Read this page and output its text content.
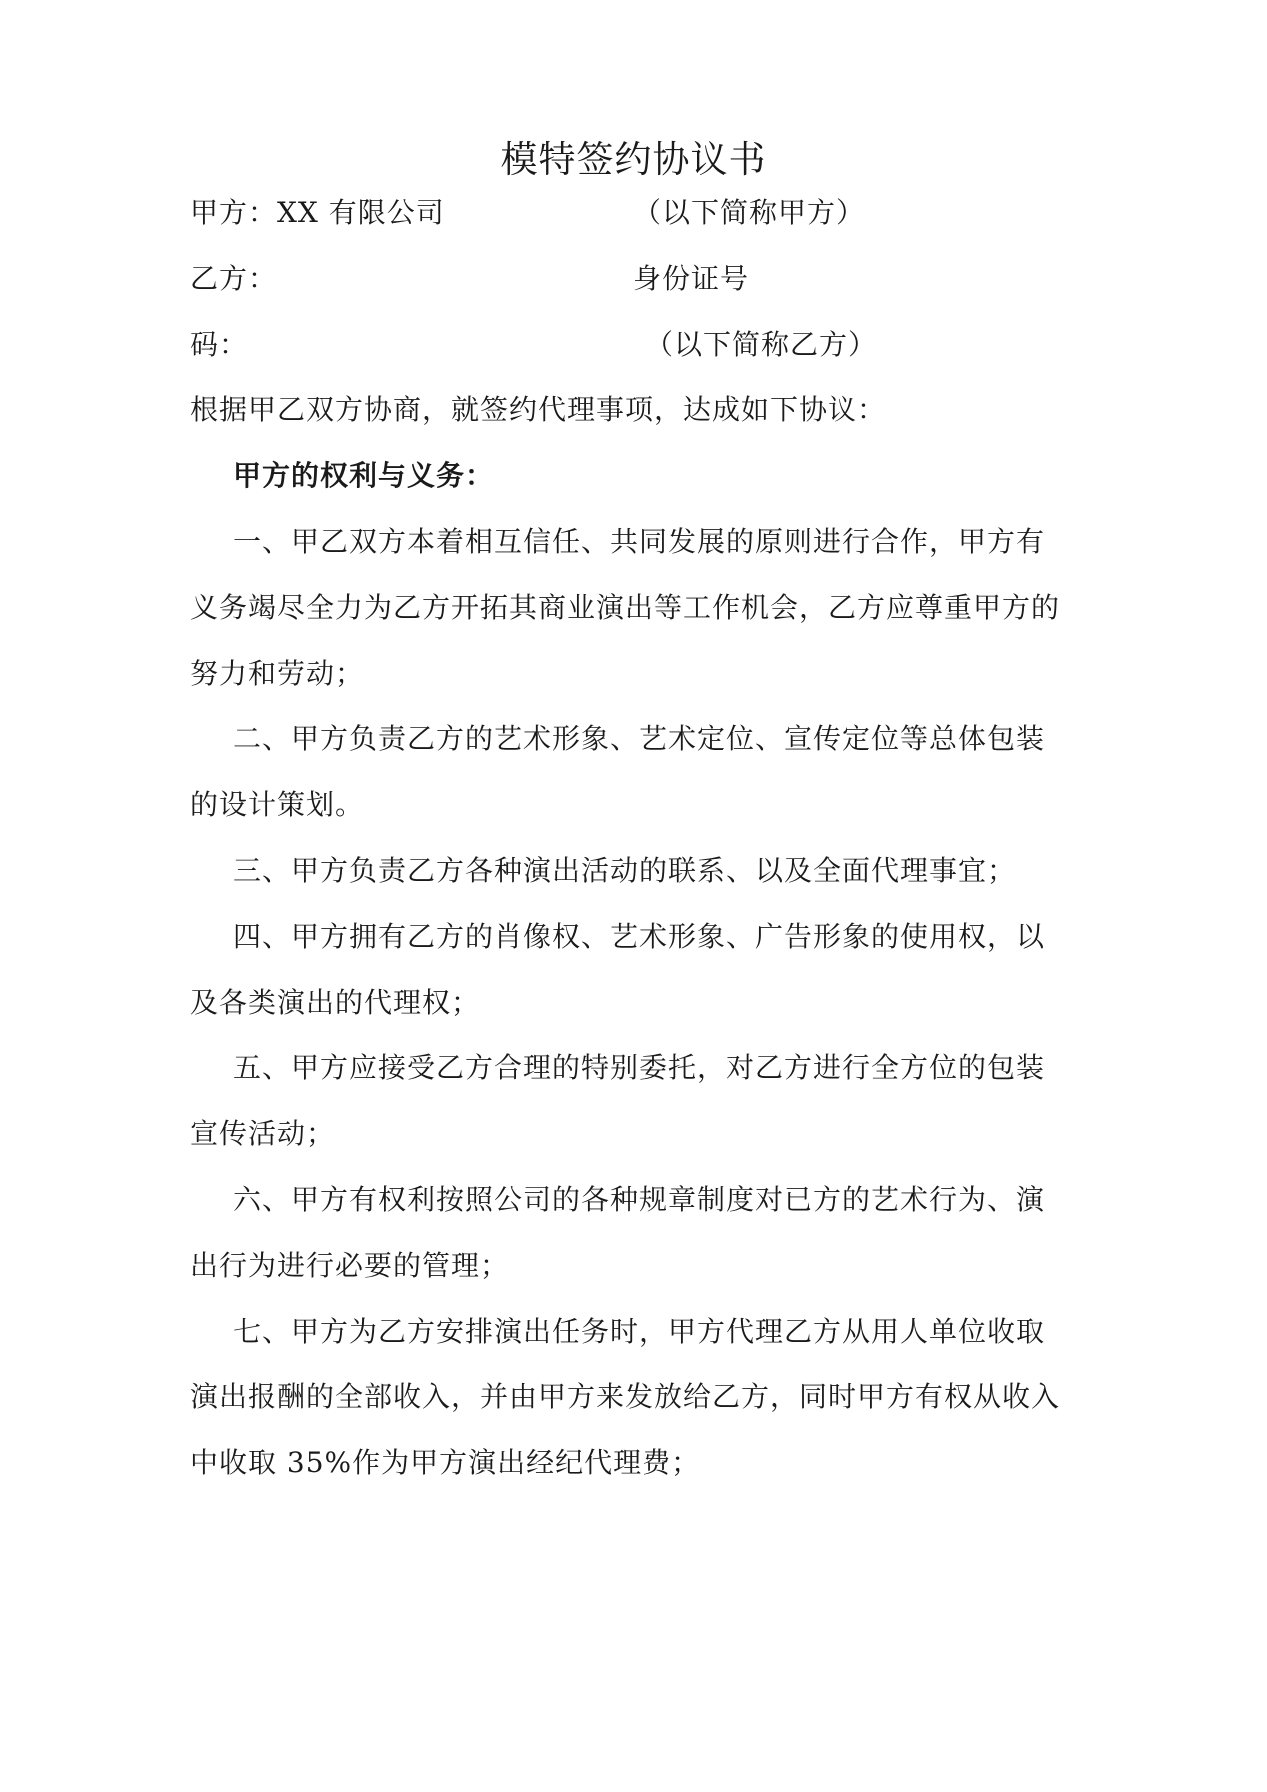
模特签约协议书
甲方：XX 有限公司	（以下简称甲方）
乙方：	身份证号
码：	（以下简称乙方）
根据甲乙双方协商，就签约代理事项，达成如下协议：
甲方的权利与义务：
一、甲乙双方本着相互信任、共同发展的原则进行合作，甲方有
义务竭尽全力为乙方开拓其商业演出等工作机会，乙方应尊重甲方的
努力和劳动；
二、甲方负责乙方的艺术形象、艺术定位、宣传定位等总体包装
的设计策划。
三、甲方负责乙方各种演出活动的联系、以及全面代理事宜；
四、甲方拥有乙方的肖像权、艺术形象、广告形象的使用权，以
及各类演出的代理权；
五、甲方应接受乙方合理的特别委托，对乙方进行全方位的包装
宣传活动；
六、甲方有权利按照公司的各种规章制度对已方的艺术行为、演
出行为进行必要的管理；
七、甲方为乙方安排演出任务时，甲方代理乙方从用人单位收取
演出报酬的全部收入，并由甲方来发放给乙方，同时甲方有权从收入
中收取 35%作为甲方演出经纪代理费；
